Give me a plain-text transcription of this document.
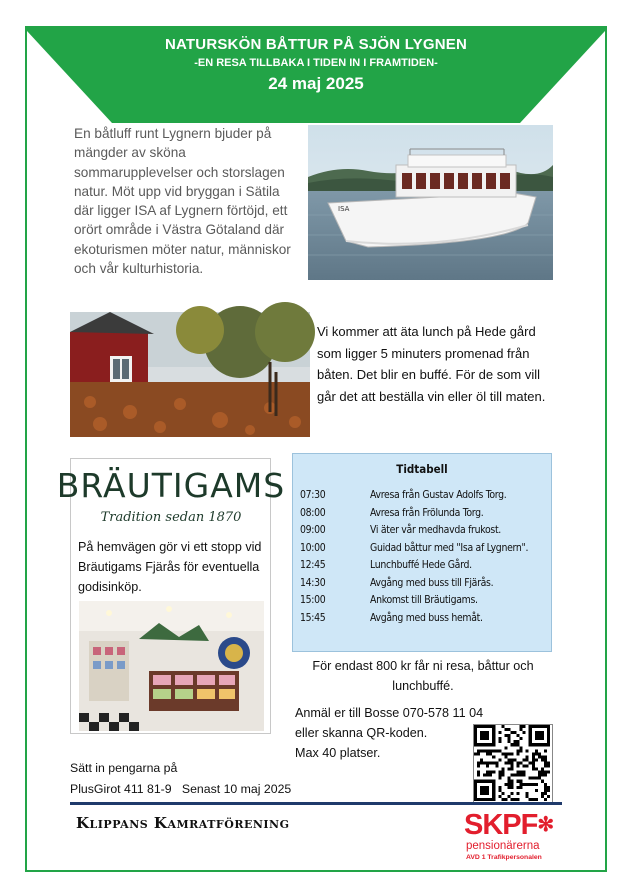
NATURSKÖN BÅTTUR PÅ SJÖN LYGNEN
-EN RESA TILLBAKA I TIDEN IN I FRAMTIDEN-
24 maj 2025
En båtluff runt Lygnern bjuder på mängder av sköna sommarupplevelser och storslagen natur. Möt upp vid bryggan i Sätila där ligger ISA af Lygnern förtöjd, ett orört område i Västra Götaland där ekoturismen möter natur, människor och vår kulturhistoria.
ISA
Vi kommer att äta lunch på Hede gård som ligger 5 minuters promenad från båten. Det blir en buffé. För de som vill går det att beställa vin eller öl till maten.
BRÄUTIGAMS
Tradition sedan 1870
På hemvägen gör vi ett stopp vid Bräutigams Fjärås för eventuella godisinköp.
Tidtabell
07:30	Avresa från Gustav Adolfs Torg.
08:00	Avresa från Frölunda Torg.
09:00	Vi äter vår medhavda frukost.
10:00	Guidad båttur med "Isa af Lygnern".
12:45	Lunchbuffé Hede Gård.
14:30	Avgång med buss till Fjärås.
15:00	Ankomst till Bräutigams.
15:45	Avgång med buss hemåt.
För endast 800 kr får ni resa, båttur och lunchbuffé.
Anmäl er till Bosse 070-578 11 04
eller skanna QR-koden.
Max 40 platser.
Sätt in pengarna på
PlusGirot 411 81-9   Senast 10 maj 2025
Klippans Kamratförening	SKPF✻
pensionärerna
AVD 1 Trafikpersonalen
